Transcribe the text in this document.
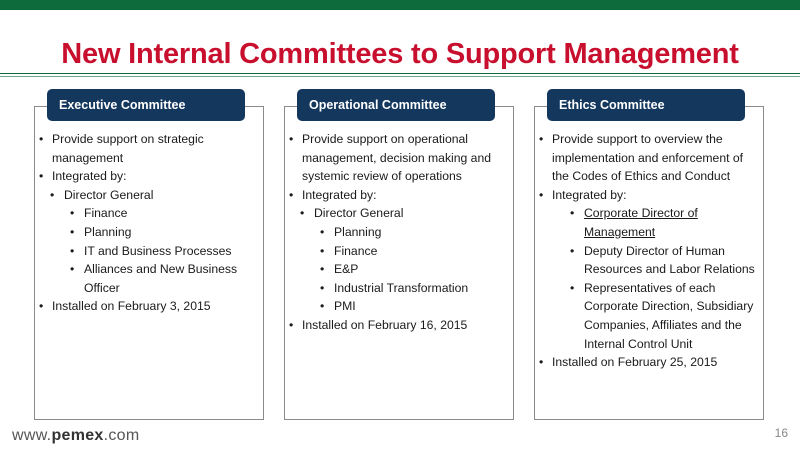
New Internal Committees to Support Management
Executive Committee
• Provide support on strategic management
• Integrated by:
• Director General
• Finance
• Planning
• IT and Business Processes
• Alliances and New Business Officer
• Installed on February 3, 2015
Operational Committee
• Provide support on operational management, decision making and systemic review of operations
• Integrated by:
• Director General
• Planning
• Finance
• E&P
• Industrial Transformation
• PMI
• Installed on February 16, 2015
Ethics Committee
• Provide support to overview the implementation and enforcement of the Codes of Ethics and Conduct
• Integrated by:
• Corporate Director of Management
• Deputy Director of Human Resources and Labor Relations
• Representatives of each Corporate Direction, Subsidiary Companies, Affiliates and the Internal Control Unit
• Installed on February 25, 2015
www.pemex.com	16
